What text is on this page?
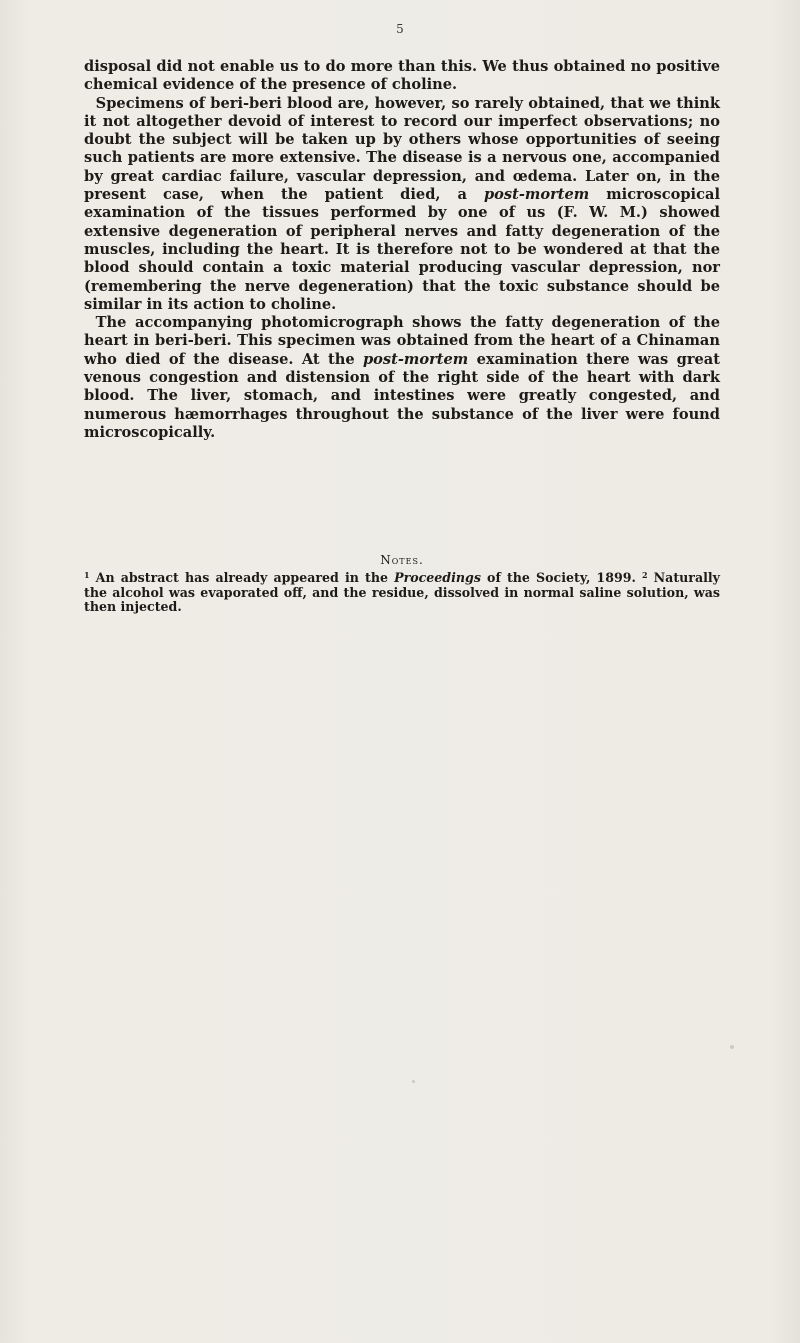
5

disposal did not enable us to do more than this. We thus obtained no positive chemical evidence of the presence of choline.

Specimens of beri-beri blood are, however, so rarely obtained, that we think it not altogether devoid of interest to record our imperfect observations; no doubt the subject will be taken up by others whose opportunities of seeing such patients are more extensive. The disease is a nervous one, accompanied by great cardiac failure, vascular depression, and œdema. Later on, in the present case, when the patient died, a post-mortem microscopical examination of the tissues performed by one of us (F. W. M.) showed extensive degeneration of peripheral nerves and fatty degeneration of the muscles, including the heart. It is therefore not to be wondered at that the blood should contain a toxic material producing vascular depression, nor (remembering the nerve degeneration) that the toxic substance should be similar in its action to choline.

The accompanying photomicrograph shows the fatty degeneration of the heart in beri-beri. This specimen was obtained from the heart of a Chinaman who died of the disease. At the post-mortem examination there was great venous congestion and distension of the right side of the heart with dark blood. The liver, stomach, and intestines were greatly congested, and numerous hæmorrhages throughout the substance of the liver were found microscopically.

Notes.

$^1$ An abstract has already appeared in the Proceedings of the Society, 1899. $^2$ Naturally the alcohol was evaporated off, and the residue, dissolved in normal saline solution, was then injected.
